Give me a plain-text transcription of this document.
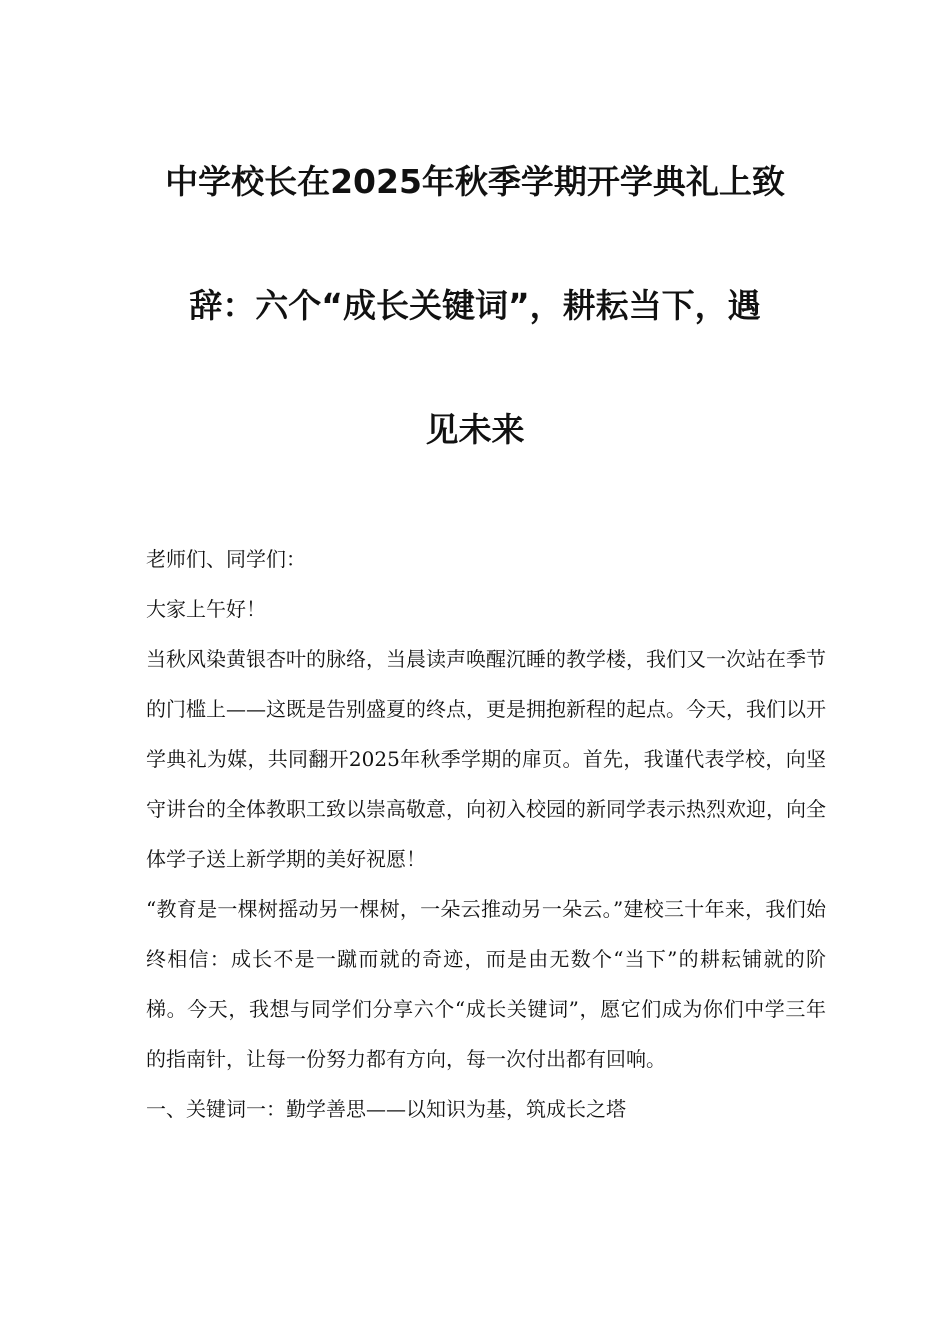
中学校长在2025年秋季学期开学典礼上致
辞：六个“成长关键词”，耕耘当下，遇
见未来

老师们、同学们：

大家上午好！

当秋风染黄银杏叶的脉络，当晨读声唤醒沉睡的教学楼，我们又一次站在季节的门槛上——这既是告别盛夏的终点，更是拥抱新程的起点。今天，我们以开学典礼为媒，共同翻开2025年秋季学期的扉页。首先，我谨代表学校，向坚守讲台的全体教职工致以崇高敬意，向初入校园的新同学表示热烈欢迎，向全体学子送上新学期的美好祝愿！

“教育是一棵树摇动另一棵树，一朵云推动另一朵云。”建校三十年来，我们始终相信：成长不是一蹴而就的奇迹，而是由无数个“当下”的耕耘铺就的阶梯。今天，我想与同学们分享六个“成长关键词”，愿它们成为你们中学三年的指南针，让每一份努力都有方向，每一次付出都有回响。

一、关键词一：勤学善思——以知识为基，筑成长之塔
